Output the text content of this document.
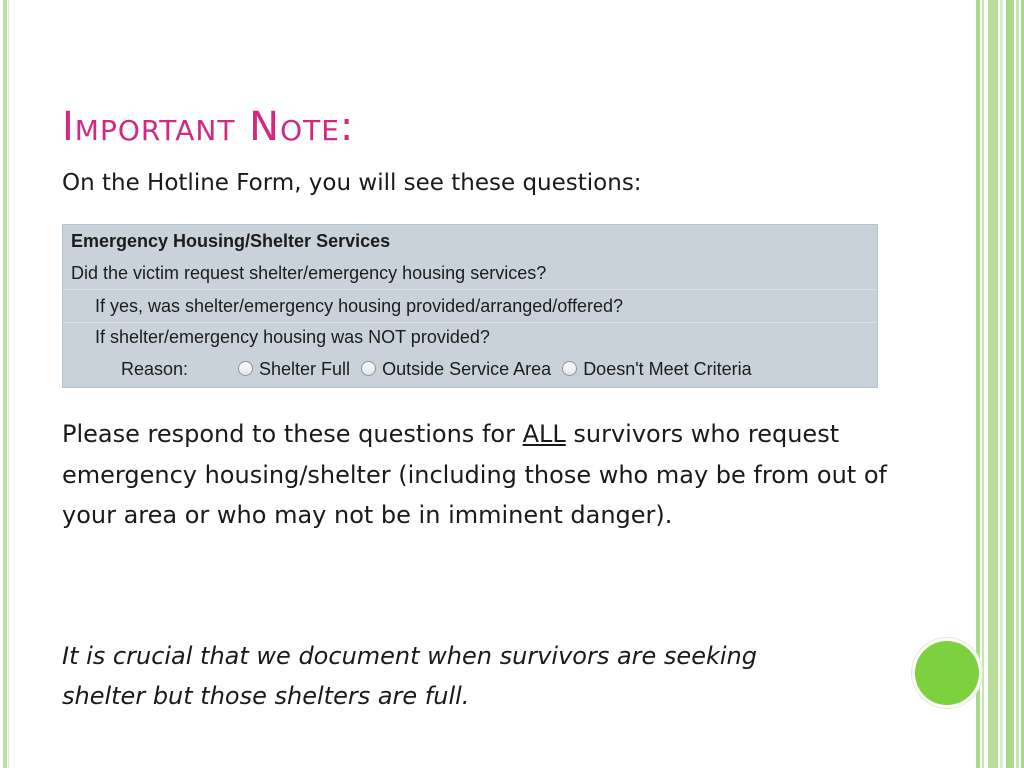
Important Note:
On the Hotline Form, you will see these questions:
Emergency Housing/Shelter Services
Did the victim request shelter/emergency housing services?
If yes, was shelter/emergency housing provided/arranged/offered?
If shelter/emergency housing was NOT provided?
Reason:	Shelter Full Outside Service Area Doesn't Meet Criteria
Please respond to these questions for ALL survivors who request emergency housing/shelter (including those who may be from out of your area or who may not be in imminent danger).
It is crucial that we document when survivors are seeking shelter but those shelters are full.
